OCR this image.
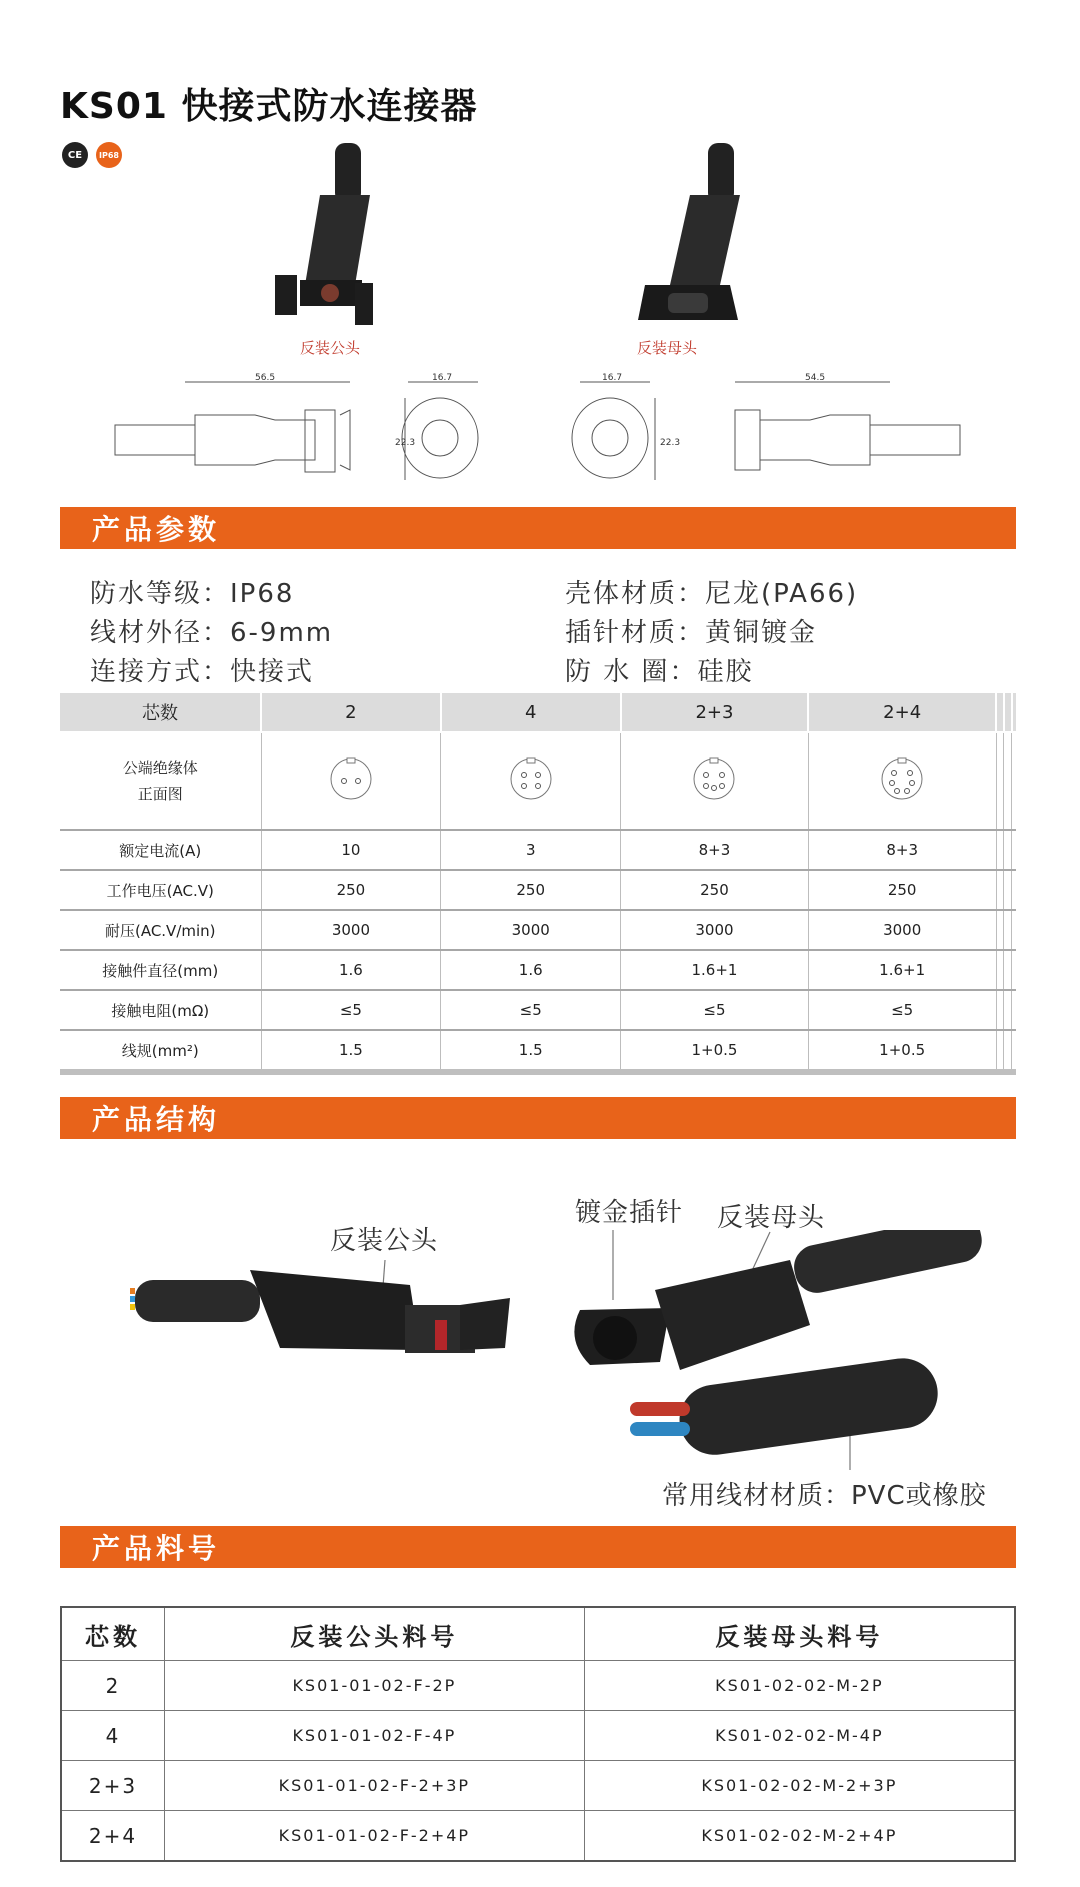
KS01 快接式防水连接器
CE	IP68
反装公头	反装母头
56.5	16.7
22.3
16.7
22.3
54.5
产品参数
防水等级：IP68
线材外径：6-9mm
连接方式：快接式
壳体材质：尼龙(PA66)
插针材质：黄铜镀金
防 水 圈：硅胶
芯数	2	4	2+3	2+4			
公端绝缘体
正面图							
额定电流(A)	10	3	8+3	8+3			
工作电压(AC.V)	250	250	250	250			
耐压(AC.V/min)	3000	3000	3000	3000			
接触件直径(mm)	1.6	1.6	1.6+1	1.6+1			
接触电阻(mΩ)	≤5	≤5	≤5	≤5			
线规(mm²)	1.5	1.5	1+0.5	1+0.5			
产品结构
反装公头
镀金插针 反装母头
常用线材材质：PVC或橡胶
产品料号
芯数	反装公头料号	反装母头料号
2	KS01-01-02-F-2P	KS01-02-02-M-2P
4	KS01-01-02-F-4P	KS01-02-02-M-4P
2+3	KS01-01-02-F-2+3P	KS01-02-02-M-2+3P
2+4	KS01-01-02-F-2+4P	KS01-02-02-M-2+4P
